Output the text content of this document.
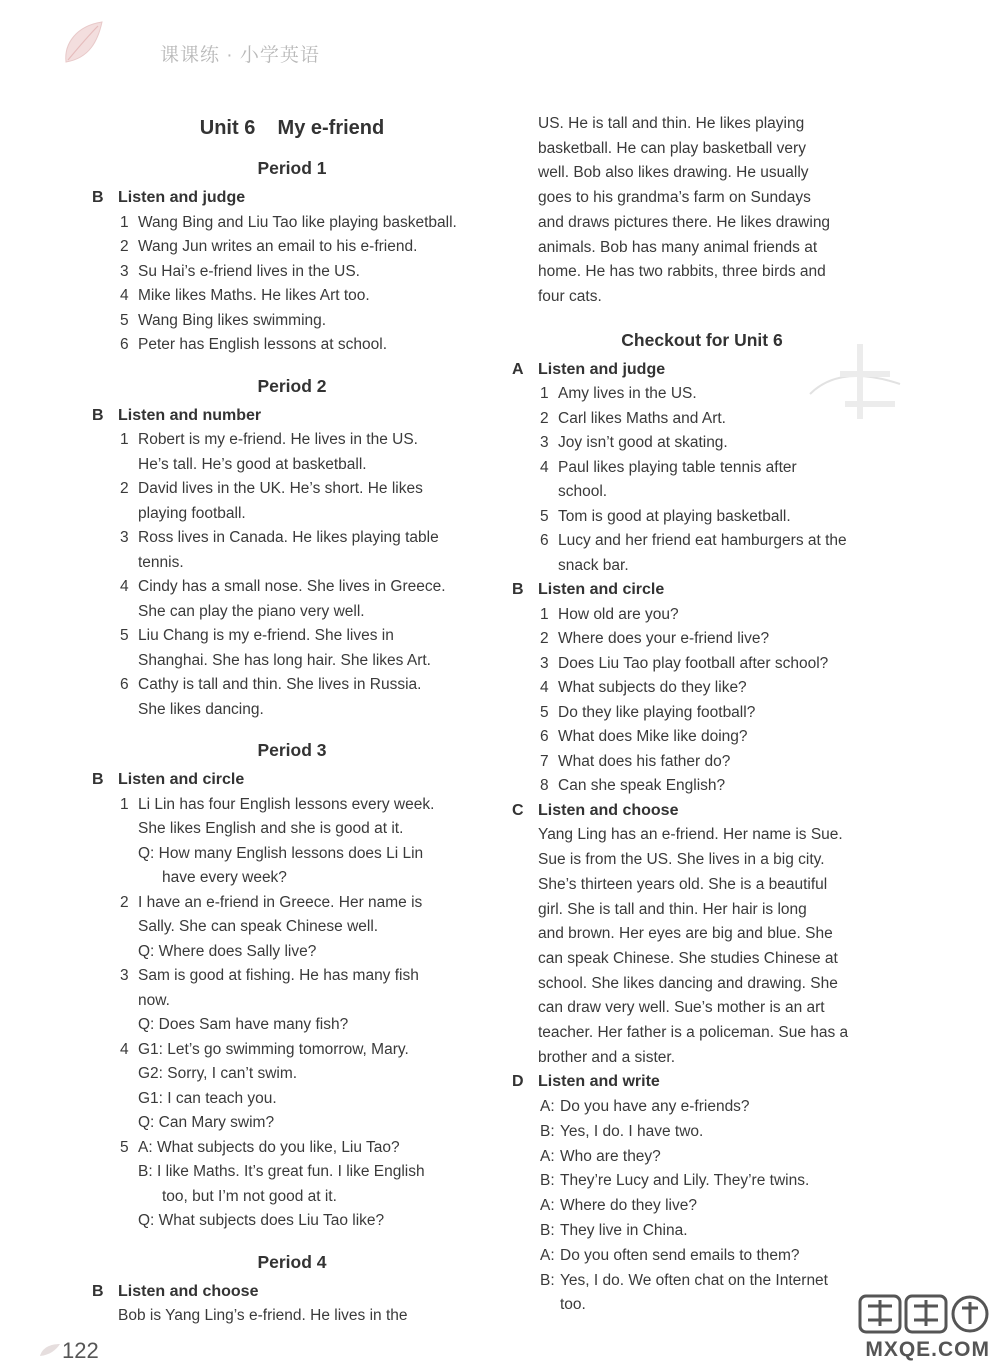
课课练 · 小学英语
Unit 6    My e-friend
Period 1
B Listen and judge
1 Wang Bing and Liu Tao like playing basketball.
2 Wang Jun writes an email to his e-friend.
3 Su Hai’s e-friend lives in the US.
4 Mike likes Maths. He likes Art too.
5 Wang Bing likes swimming.
6 Peter has English lessons at school.
Period 2
B Listen and number
1 Robert is my e-friend. He lives in the US.
He’s tall. He’s good at basketball.
2 David lives in the UK. He’s short. He likes
playing football.
3 Ross lives in Canada. He likes playing table
tennis.
4 Cindy has a small nose. She lives in Greece.
She can play the piano very well.
5 Liu Chang is my e-friend. She lives in
Shanghai. She has long hair. She likes Art.
6 Cathy is tall and thin. She lives in Russia.
She likes dancing.
Period 3
B Listen and circle
1 Li Lin has four English lessons every week.
She likes English and she is good at it.
Q: How many English lessons does Li Lin
have every week?
2 I have an e-friend in Greece. Her name is
Sally. She can speak Chinese well.
Q: Where does Sally live?
3 Sam is good at fishing. He has many fish
now.
Q: Does Sam have many fish?
4 G1: Let’s go swimming tomorrow, Mary.
G2: Sorry, I can’t swim.
G1: I can teach you.
Q: Can Mary swim?
5 A: What subjects do you like, Liu Tao?
B: I like Maths. It’s great fun. I like English
too, but I’m not good at it.
Q: What subjects does Liu Tao like?
Period 4
B Listen and choose
Bob is Yang Ling’s e-friend. He lives in the
US. He is tall and thin. He likes playing
basketball. He can play basketball very
well. Bob also likes drawing. He usually
goes to his grandma’s farm on Sundays
and draws pictures there. He likes drawing
animals. Bob has many animal friends at
home. He has two rabbits, three birds and
four cats.
Checkout for Unit 6
A Listen and judge
1 Amy lives in the US.
2 Carl likes Maths and Art.
3 Joy isn’t good at skating.
4 Paul likes playing table tennis after
school.
5 Tom is good at playing basketball.
6 Lucy and her friend eat hamburgers at the
snack bar.
B Listen and circle
1 How old are you?
2 Where does your e-friend live?
3 Does Liu Tao play football after school?
4 What subjects do they like?
5 Do they like playing football?
6 What does Mike like doing?
7 What does his father do?
8 Can she speak English?
C Listen and choose
Yang Ling has an e-friend. Her name is Sue.
Sue is from the US. She lives in a big city.
She’s thirteen years old. She is a beautiful
girl. She is tall and thin. Her hair is long
and brown. Her eyes are big and blue. She
can speak Chinese. She studies Chinese at
school. She likes dancing and drawing. She
can draw very well. Sue’s mother is an art
teacher. Her father is a policeman. Sue has a
brother and a sister.
D Listen and write
A: Do you have any e-friends?
B: Yes, I do. I have two.
A: Who are they?
B: They’re Lucy and Lily. They’re twins.
A: Where do they live?
B: They live in China.
A: Do you often send emails to them?
B: Yes, I do. We often chat on the Internet
too.
122	MXQE.COM
